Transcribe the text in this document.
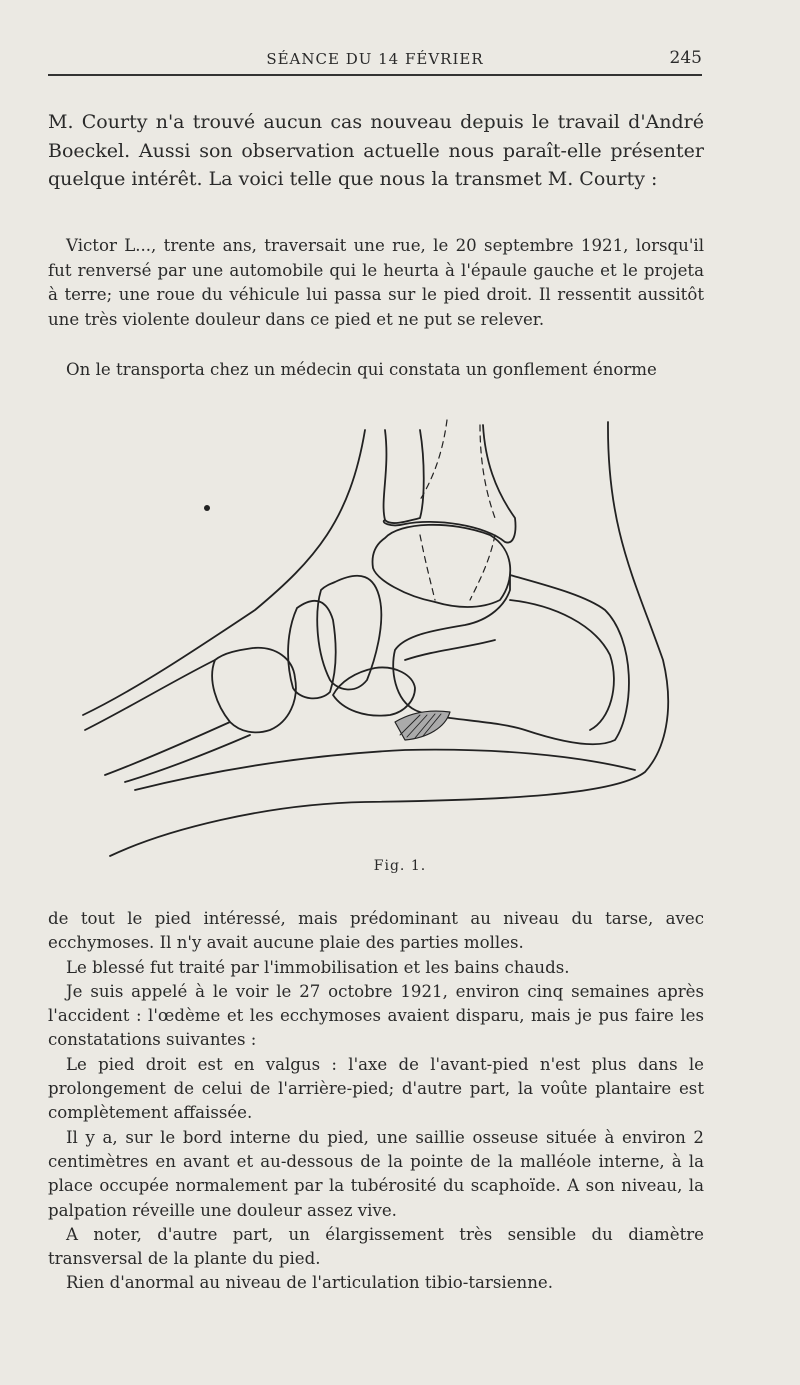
SÉANCE DU 14 FÉVRIER	245

M. Courty n'a trouvé aucun cas nouveau depuis le travail d'André Boeckel. Aussi son observation actuelle nous paraît-elle présenter quelque intérêt. La voici telle que nous la transmet M. Courty :

Victor L..., trente ans, traversait une rue, le 20 septembre 1921, lorsqu'il fut renversé par une automobile qui le heurta à l'épaule gauche et le projeta à terre; une roue du véhicule lui passa sur le pied droit. Il ressentit aussitôt une très violente douleur dans ce pied et ne put se relever.

On le transporta chez un médecin qui constata un gonflement énorme

Fig. 1.

de tout le pied intéressé, mais prédominant au niveau du tarse, avec ecchymoses. Il n'y avait aucune plaie des parties molles.

Le blessé fut traité par l'immobilisation et les bains chauds.

Je suis appelé à le voir le 27 octobre 1921, environ cinq semaines après l'accident : l'œdème et les ecchymoses avaient disparu, mais je pus faire les constatations suivantes :

Le pied droit est en valgus : l'axe de l'avant-pied n'est plus dans le prolongement de celui de l'arrière-pied; d'autre part, la voûte plantaire est complètement affaissée.

Il y a, sur le bord interne du pied, une saillie osseuse située à environ 2 centimètres en avant et au-dessous de la pointe de la malléole interne, à la place occupée normalement par la tubérosité du scaphoïde. A son niveau, la palpation réveille une douleur assez vive.

A noter, d'autre part, un élargissement très sensible du diamètre transversal de la plante du pied.

Rien d'anormal au niveau de l'articulation tibio-tarsienne.
